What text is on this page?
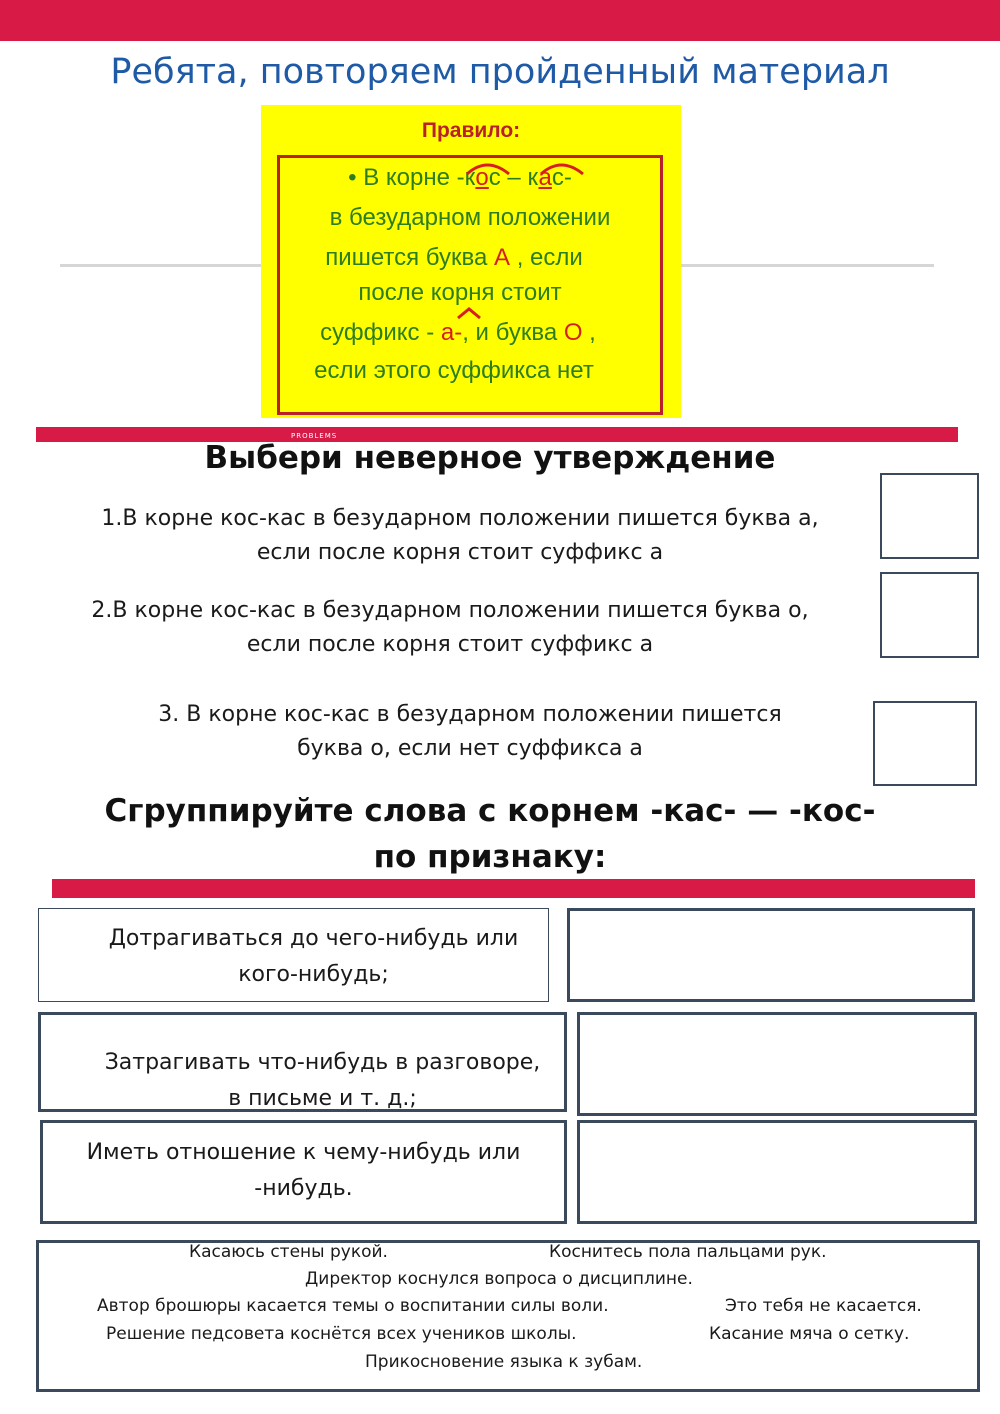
Ребята, повторяем пройденный материал
Правило:
• В корне -кос – кас-
в безударном положении
пишется буква А , если
после корня стоит
суффикс - а-, и буква О ,
если этого суффикса нет
PROBLEMS
Выбери неверное утверждение
1.В корне кос-кас в безударном положении пишется буква а,
если после корня стоит суффикс а
2.В корне кос-кас в безударном положении пишется буква о,
если после корня стоит суффикс а
3. В корне кос-кас в безударном положении пишется
буква о, если нет суффикса а
Сгруппируйте слова с корнем -кас- — -кос-
по признаку:
Дотрагиваться до чего-нибудь или
кого-нибудь;
Затрагивать что-нибудь в разговоре,
в письме и т. д.;
Иметь отношение к чему-нибудь или
-нибудь.
Касаюсь стены рукой.	Коснитесь пола пальцами рук.
Директор коснулся вопроса о дисциплине.
Автор брошюры касается темы о воспитании силы воли.	Это тебя не касается.
Решение педсовета коснётся всех учеников школы.	Касание мяча о сетку.
Прикосновение языка к зубам.
